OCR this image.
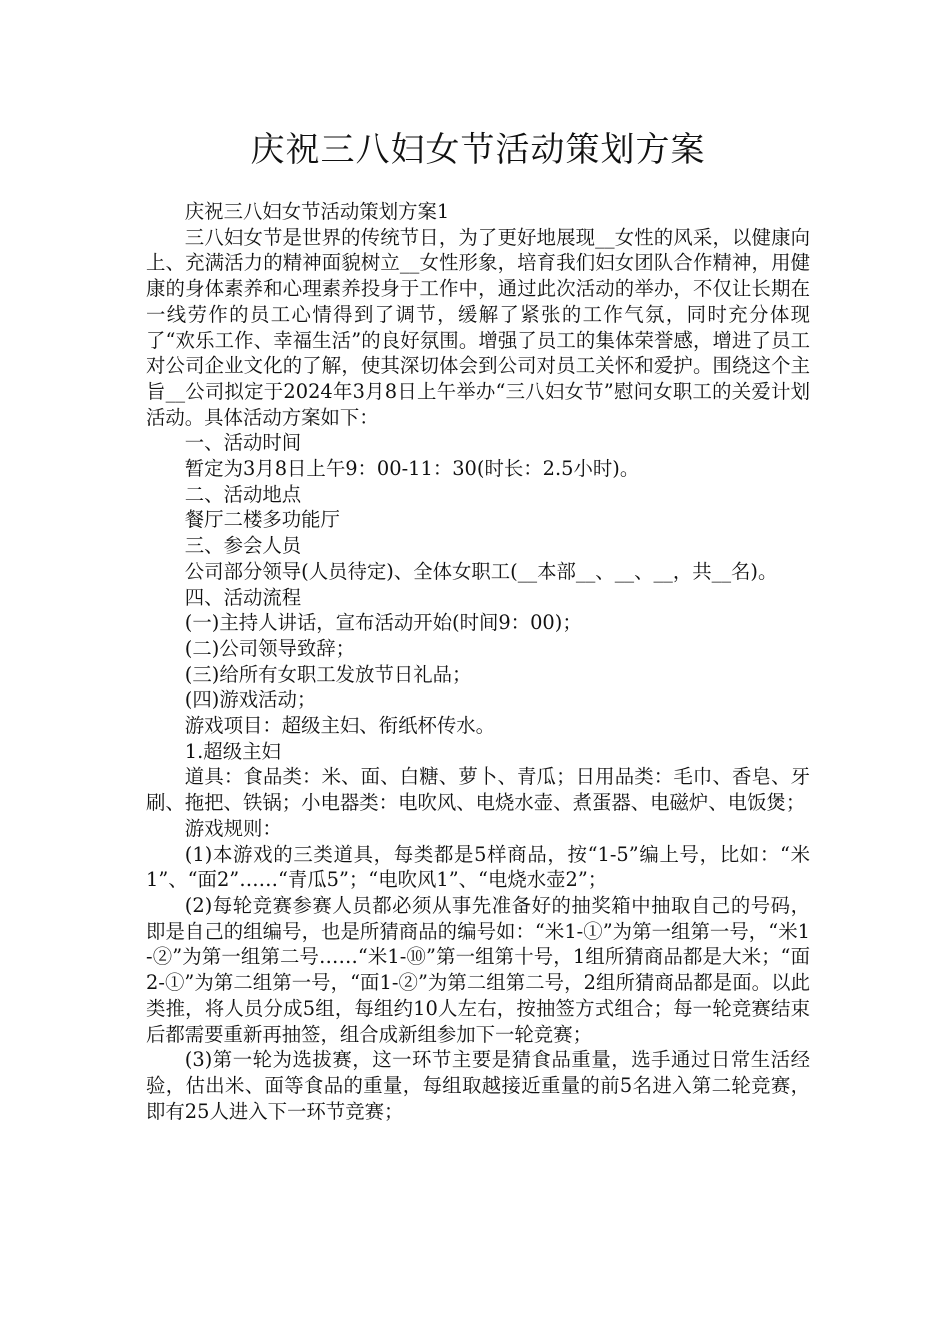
庆祝三八妇女节活动策划方案

庆祝三八妇女节活动策划方案1

三八妇女节是世界的传统节日，为了更好地展现__女性的风采，以健康向上、充满活力的精神面貌树立__女性形象，培育我们妇女团队合作精神，用健康的身体素养和心理素养投身于工作中，通过此次活动的举办，不仅让长期在一线劳作的员工心情得到了调节，缓解了紧张的工作气氛，同时充分体现了“欢乐工作、幸福生活”的良好氛围。增强了员工的集体荣誉感，增进了员工对公司企业文化的了解，使其深切体会到公司对员工关怀和爱护。围绕这个主旨__公司拟定于2024年3月8日上午举办“三八妇女节”慰问女职工的关爱计划活动。具体活动方案如下：

一、活动时间

暂定为3月8日上午9：00-11：30(时长：2.5小时)。

二、活动地点

餐厅二楼多功能厅

三、参会人员

公司部分领导(人员待定)、全体女职工(__本部__、__、__，共__名)。

四、活动流程

(一)主持人讲话，宣布活动开始(时间9：00)；

(二)公司领导致辞；

(三)给所有女职工发放节日礼品；

(四)游戏活动；

游戏项目：超级主妇、衔纸杯传水。

1.超级主妇

道具：食品类：米、面、白糖、萝卜、青瓜；日用品类：毛巾、香皂、牙刷、拖把、铁锅；小电器类：电吹风、电烧水壶、煮蛋器、电磁炉、电饭煲；

游戏规则：

(1)本游戏的三类道具，每类都是5样商品，按“1-5”编上号，比如：“米1”、“面2”……“青瓜5”；“电吹风1”、“电烧水壶2”；

(2)每轮竞赛参赛人员都必须从事先准备好的抽奖箱中抽取自己的号码，即是自己的组编号，也是所猜商品的编号如：“米1-①”为第一组第一号，“米1-②”为第一组第二号……“米1-⑩”第一组第十号，1组所猜商品都是大米；“面2-①”为第二组第一号，“面1-②”为第二组第二号，2组所猜商品都是面。以此类推，将人员分成5组，每组约10人左右，按抽签方式组合；每一轮竞赛结束后都需要重新再抽签，组合成新组参加下一轮竞赛；

(3)第一轮为选拔赛，这一环节主要是猜食品重量，选手通过日常生活经验，估出米、面等食品的重量，每组取越接近重量的前5名进入第二轮竞赛，即有25人进入下一环节竞赛；
